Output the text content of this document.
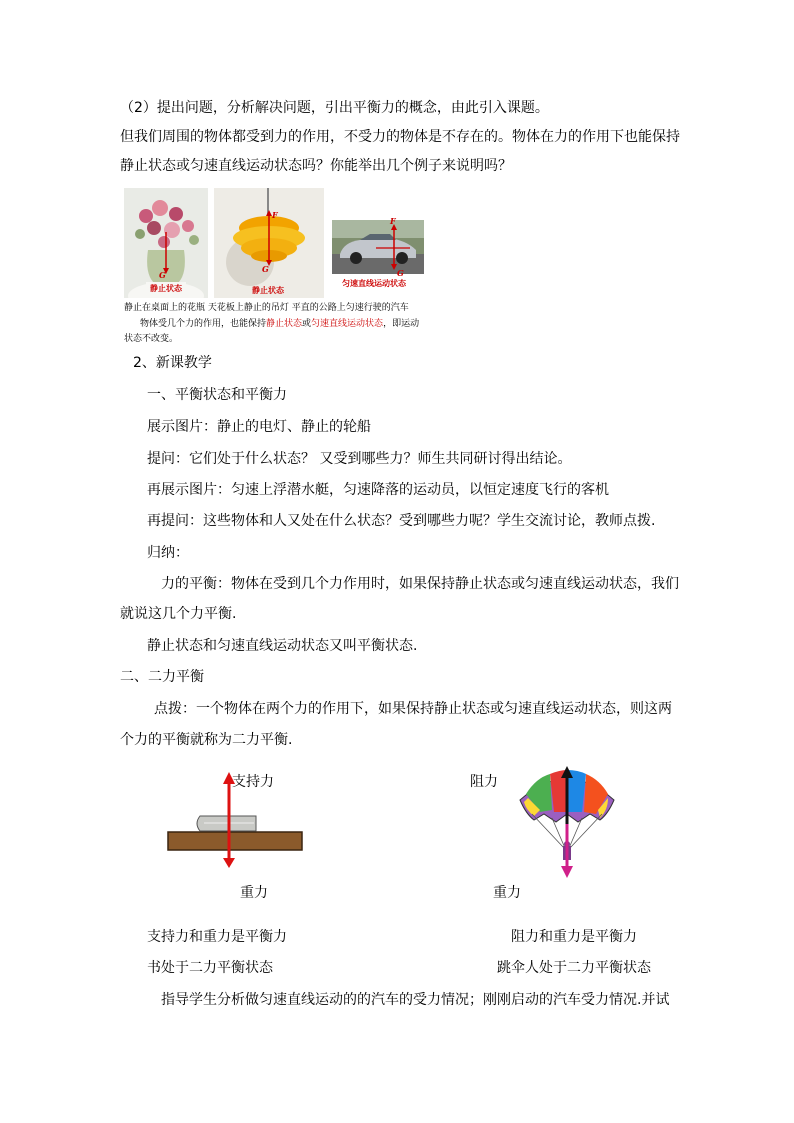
（2）提出问题，分析解决问题，引出平衡力的概念，由此引入课题。
但我们周围的物体都受到力的作用，不受力的物体是不存在的。物体在力的作用下也能保持
静止状态或匀速直线运动状态吗？你能举出几个例子来说明吗？
G
静止状态
F
G
静止状态
F
G
匀速直线运动状态
静止在桌面上的花瓶 天花板上静止的吊灯 平直的公路上匀速行驶的汽车
物体受几个力的作用，也能保持静止状态或匀速直线运动状态，即运动
状态不改变。
2、新课教学
一、平衡状态和平衡力
展示图片：静止的电灯、静止的轮船
提问：它们处于什么状态？ 又受到哪些力？师生共同研讨得出结论。
再展示图片：匀速上浮潜水艇，匀速降落的运动员，以恒定速度飞行的客机
再提问：这些物体和人又处在什么状态？受到哪些力呢？学生交流讨论，教师点拨.
归纳：
力的平衡：物体在受到几个力作用时，如果保持静止状态或匀速直线运动状态，我们
就说这几个力平衡.
静止状态和匀速直线运动状态又叫平衡状态.
二、二力平衡
点拨：一个物体在两个力的作用下，如果保持静止状态或匀速直线运动状态，则这两
个力的平衡就称为二力平衡.
支持力
重力
阻力
重力
支持力和重力是平衡力	阻力和重力是平衡力
书处于二力平衡状态	跳伞人处于二力平衡状态
指导学生分析做匀速直线运动的的汽车的受力情况；刚刚启动的汽车受力情况.并试
